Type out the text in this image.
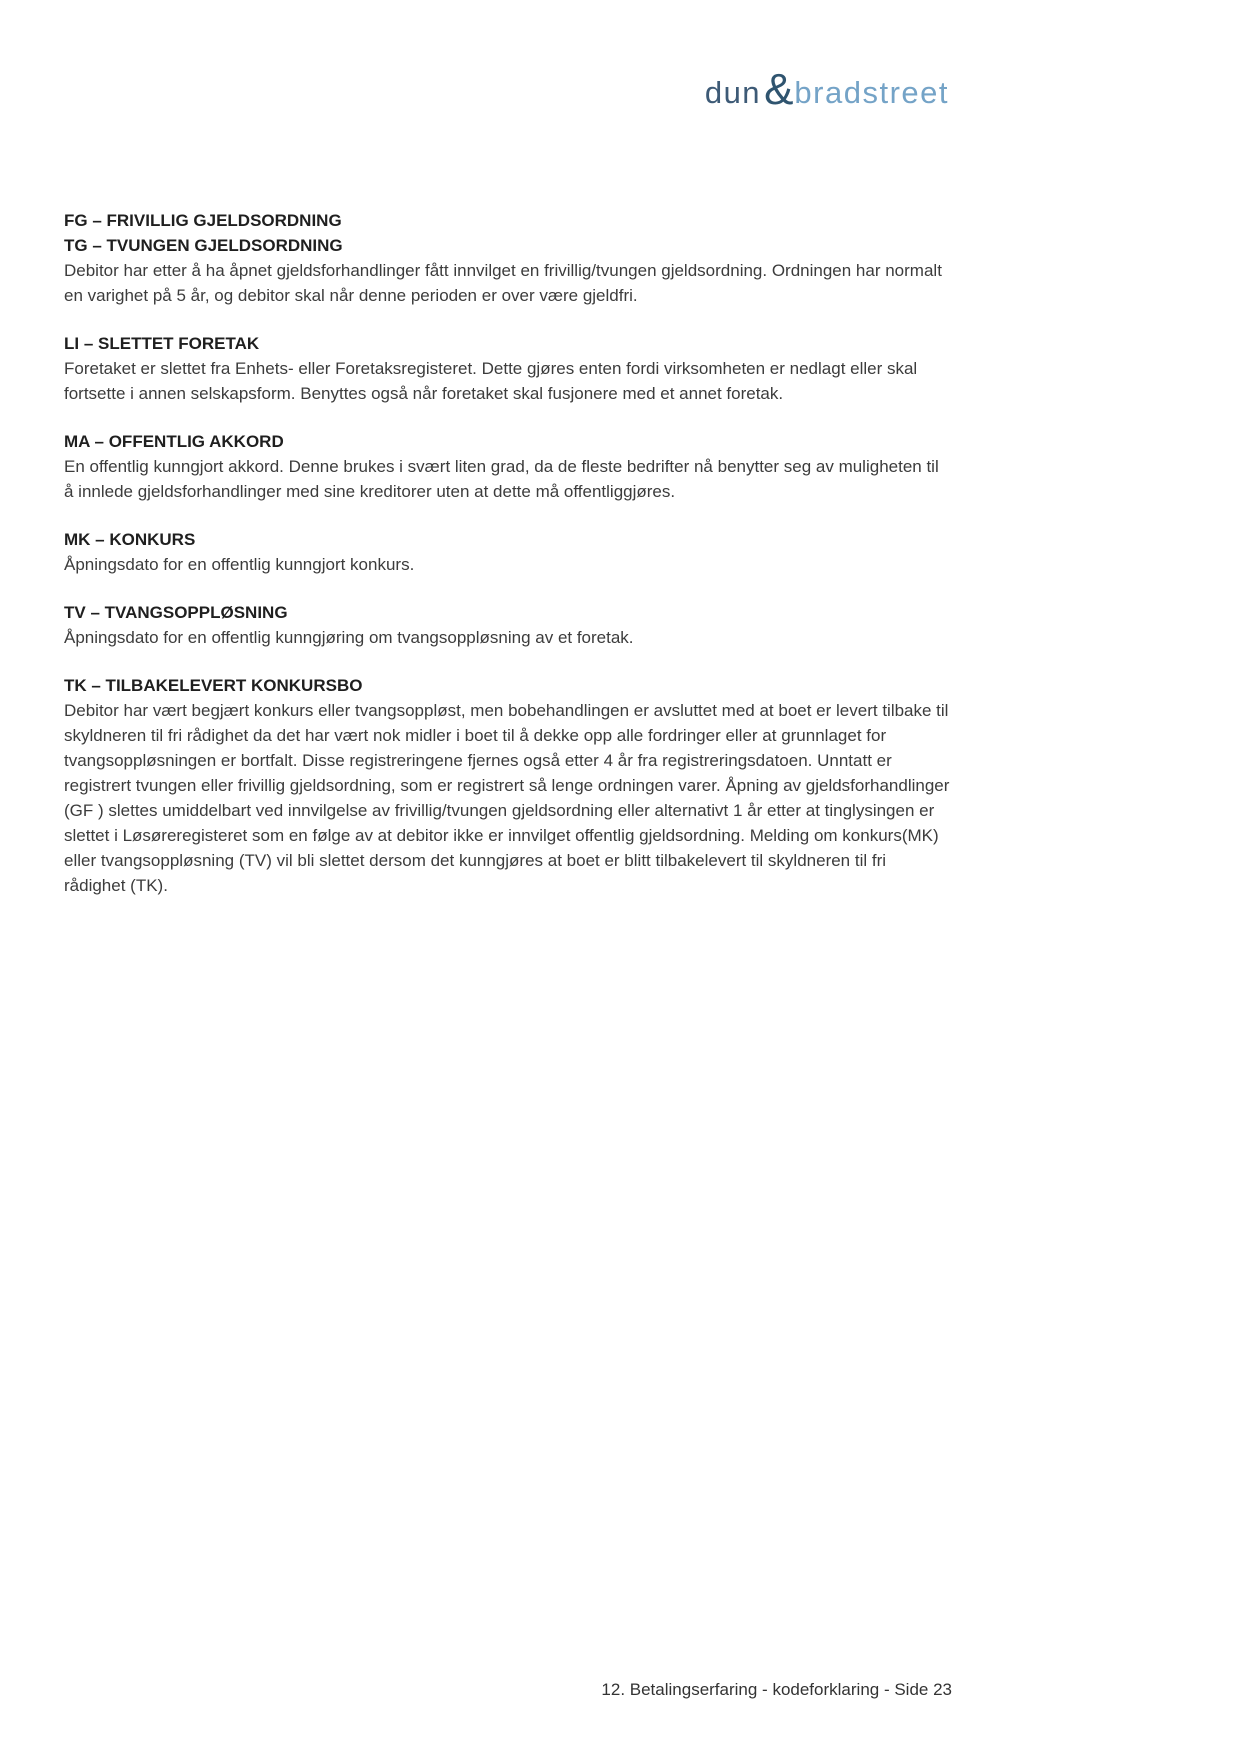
dun & bradstreet
FG – FRIVILLIG GJELDSORDNING
TG – TVUNGEN GJELDSORDNING
Debitor har etter å ha åpnet gjeldsforhandlinger fått innvilget en frivillig/tvungen gjeldsordning. Ordningen har normalt en varighet på 5 år, og debitor skal når denne perioden er over være gjeldfri.
LI – SLETTET FORETAK
Foretaket er slettet fra Enhets- eller Foretaksregisteret. Dette gjøres enten fordi virksomheten er nedlagt eller skal fortsette i annen selskapsform. Benyttes også når foretaket skal fusjonere med et annet foretak.
MA – OFFENTLIG AKKORD
En offentlig kunngjort akkord. Denne brukes i svært liten grad, da de fleste bedrifter nå benytter seg av muligheten til å innlede gjeldsforhandlinger med sine kreditorer uten at dette må offentliggjøres.
MK – KONKURS
Åpningsdato for en offentlig kunngjort konkurs.
TV – TVANGSOPPLØSNING
Åpningsdato for en offentlig kunngjøring om tvangsoppløsning av et foretak.
TK – TILBAKELEVERT KONKURSBO
Debitor har vært begjært konkurs eller tvangsoppløst, men bobehandlingen er avsluttet med at boet er levert tilbake til skyldneren til fri rådighet da det har vært nok midler i boet til å dekke opp alle fordringer eller at grunnlaget for tvangsoppløsningen er bortfalt. Disse registreringene fjernes også etter 4 år fra registreringsdatoen. Unntatt er registrert tvungen eller frivillig gjeldsordning, som er registrert så lenge ordningen varer. Åpning av gjeldsforhandlinger (GF ) slettes umiddelbart ved innvilgelse av frivillig/tvungen gjeldsordning eller alternativt 1 år etter at tinglysingen er slettet i Løsøreregisteret som en følge av at debitor ikke er innvilget offentlig gjeldsordning. Melding om konkurs(MK) eller tvangsoppløsning (TV) vil bli slettet dersom det kunngjøres at boet er blitt tilbakelevert til skyldneren til fri rådighet (TK).
12. Betalingserfaring - kodeforklaring - Side 23
